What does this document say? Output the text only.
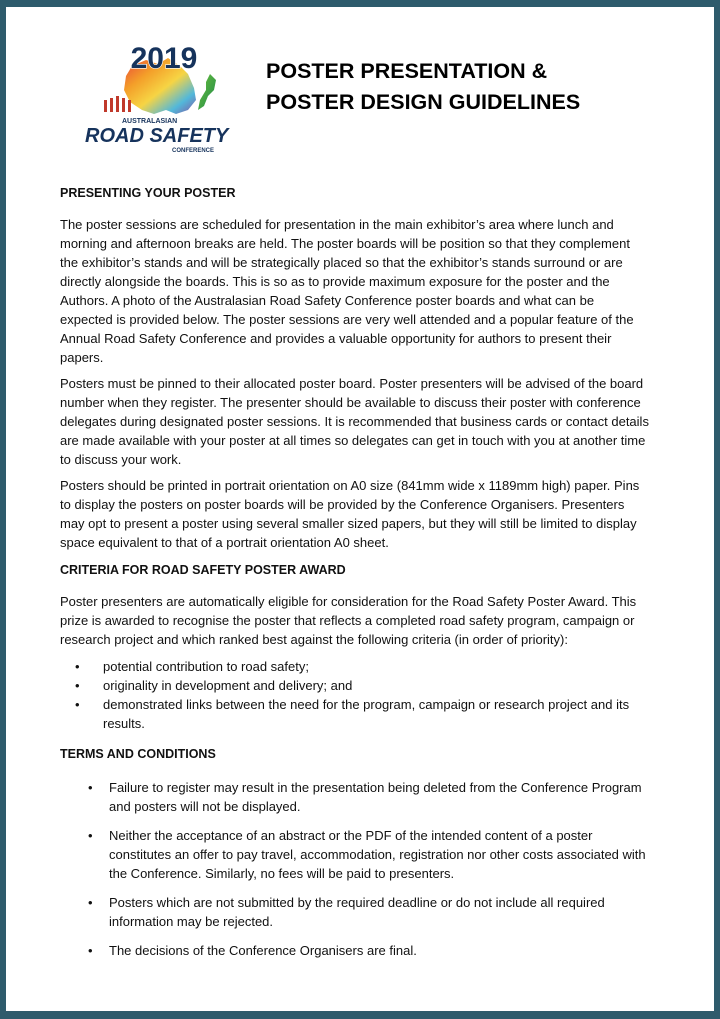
2019
AUSTRALASIAN
ROAD SAFETY
CONFERENCE
POSTER PRESENTATION &
POSTER DESIGN GUIDELINES
PRESENTING YOUR POSTER

The poster sessions are scheduled for presentation in the main exhibitor’s area where lunch and morning and afternoon breaks are held. The poster boards will be position so that they complement the exhibitor’s stands and will be strategically placed so that the exhibitor’s stands surround or are directly alongside the boards. This is so as to provide maximum exposure for the poster and the Authors. A photo of the Australasian Road Safety Conference poster boards and what can be expected is provided below. The poster sessions are very well attended and a popular feature of the Annual Road Safety Conference and provides a valuable opportunity for authors to present their papers.

Posters must be pinned to their allocated poster board. Poster presenters will be advised of the board number when they register. The presenter should be available to discuss their poster with conference delegates during designated poster sessions. It is recommended that business cards or contact details are made available with your poster at all times so delegates can get in touch with you at another time to discuss your work.

Posters should be printed in portrait orientation on A0 size (841mm wide x 1189mm high) paper. Pins to display the posters on poster boards will be provided by the Conference Organisers. Presenters may opt to present a poster using several smaller sized papers, but they will still be limited to display space equivalent to that of a portrait orientation A0 sheet.

CRITERIA FOR ROAD SAFETY POSTER AWARD

Poster presenters are automatically eligible for consideration for the Road Safety Poster Award. This prize is awarded to recognise the poster that reflects a completed road safety program, campaign or research project and which ranked best against the following criteria (in order of priority):

• potential contribution to road safety;
• originality in development and delivery; and
• demonstrated links between the need for the program, campaign or research project and its results.
TERMS AND CONDITIONS
• Failure to register may result in the presentation being deleted from the Conference Program and posters will not be displayed.
• Neither the acceptance of an abstract or the PDF of the intended content of a poster constitutes an offer to pay travel, accommodation, registration nor other costs associated with the Conference. Similarly, no fees will be paid to presenters.
• Posters which are not submitted by the required deadline or do not include all required information may be rejected.
• The decisions of the Conference Organisers are final.
